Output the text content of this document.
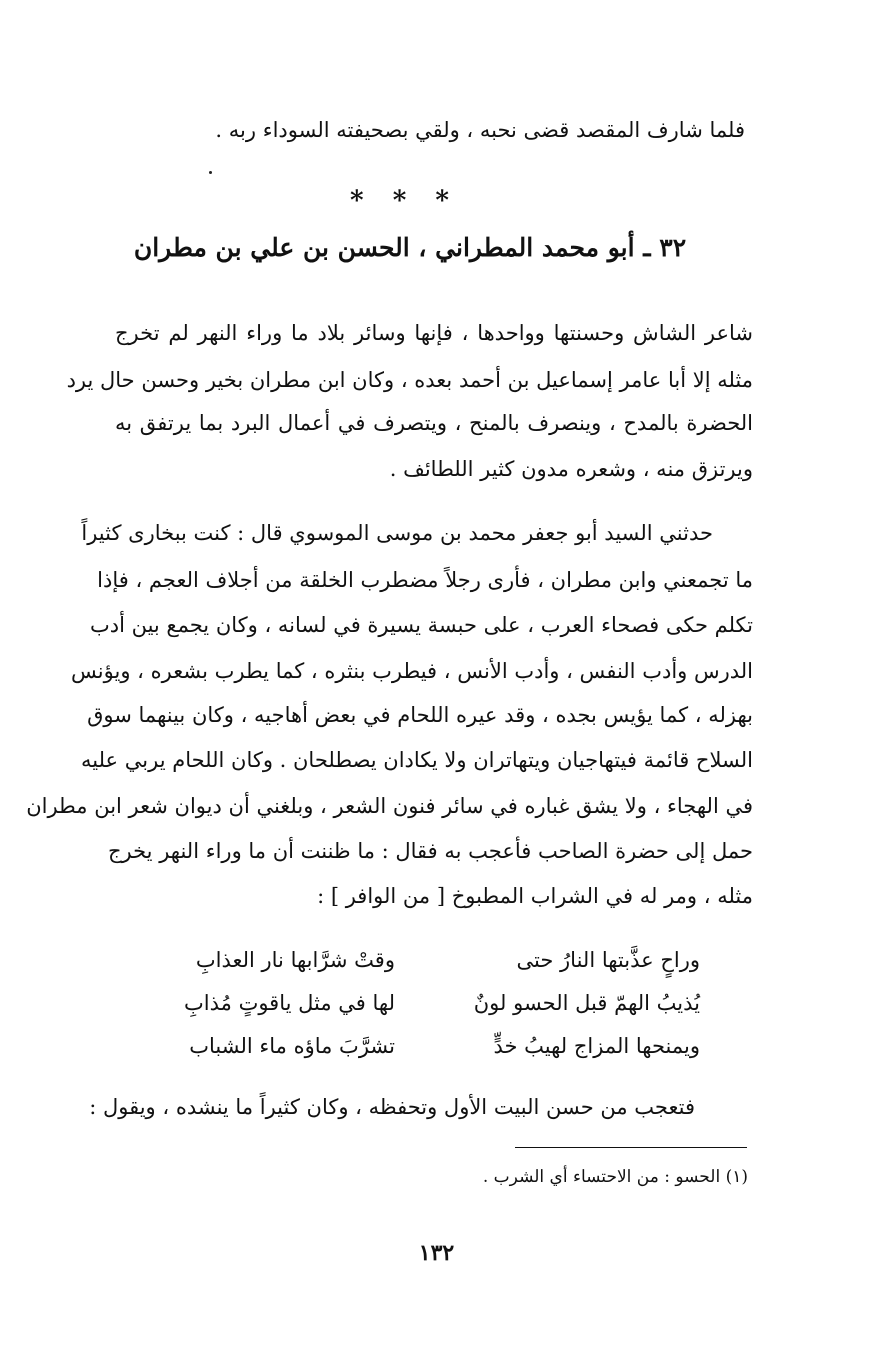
فلما شارف المقصد قضى نحبه ، ولقي بصحيفته السوداء ربه .
* * *
٣٢ ـ أبو محمد المطراني ، الحسن بن علي بن مطران
شاعر الشاش وحسنتها وواحدها ، فإنها وسائر بلاد ما وراء النهر لم تخرج
مثله إلا أبا عامر إسماعيل بن أحمد بعده ، وكان ابن مطران بخير وحسن حال يرد
الحضرة بالمدح ، وينصرف بالمنح ، ويتصرف في أعمال البرد بما يرتفق به
ويرتزق منه ، وشعره مدون كثير اللطائف .
حدثني السيد أبو جعفر محمد بن موسى الموسوي قال : كنت ببخارى كثيراً
ما تجمعني وابن مطران ، فأرى رجلاً مضطرب الخلقة من أجلاف العجم ، فإذا
تكلم حكى فصحاء العرب ، على حبسة يسيرة في لسانه ، وكان يجمع بين أدب
الدرس وأدب النفس ، وأدب الأنس ، فيطرب بنثره ، كما يطرب بشعره ، ويؤنس
بهزله ، كما يؤيس بجده ، وقد عيره اللحام في بعض أهاجيه ، وكان بينهما سوق
السلاح قائمة فيتهاجيان ويتهاتران ولا يكادان يصطلحان . وكان اللحام يربي عليه
في الهجاء ، ولا يشق غباره في سائر فنون الشعر ، وبلغني أن ديوان شعر ابن مطران
حمل إلى حضرة الصاحب فأعجب به فقال : ما ظننت أن ما وراء النهر يخرج
مثله ، ومر له في الشراب المطبوخ [ من الوافر ] :
وراحٍ عذَّبتها النارُ حتى
وقتْ شرَّابها نار العذابِ
يُذيبُ الهمّ قبل الحسو لونٌ
لها في مثل ياقوتٍ مُذابِ
ويمنحها المزاج لهيبُ خدٍّ
تشرَّبَ ماؤه ماء الشباب
فتعجب من حسن البيت الأول وتحفظه ، وكان كثيراً ما ينشده ، ويقول :
(١) الحسو : من الاحتساء أي الشرب .
١٣٢
